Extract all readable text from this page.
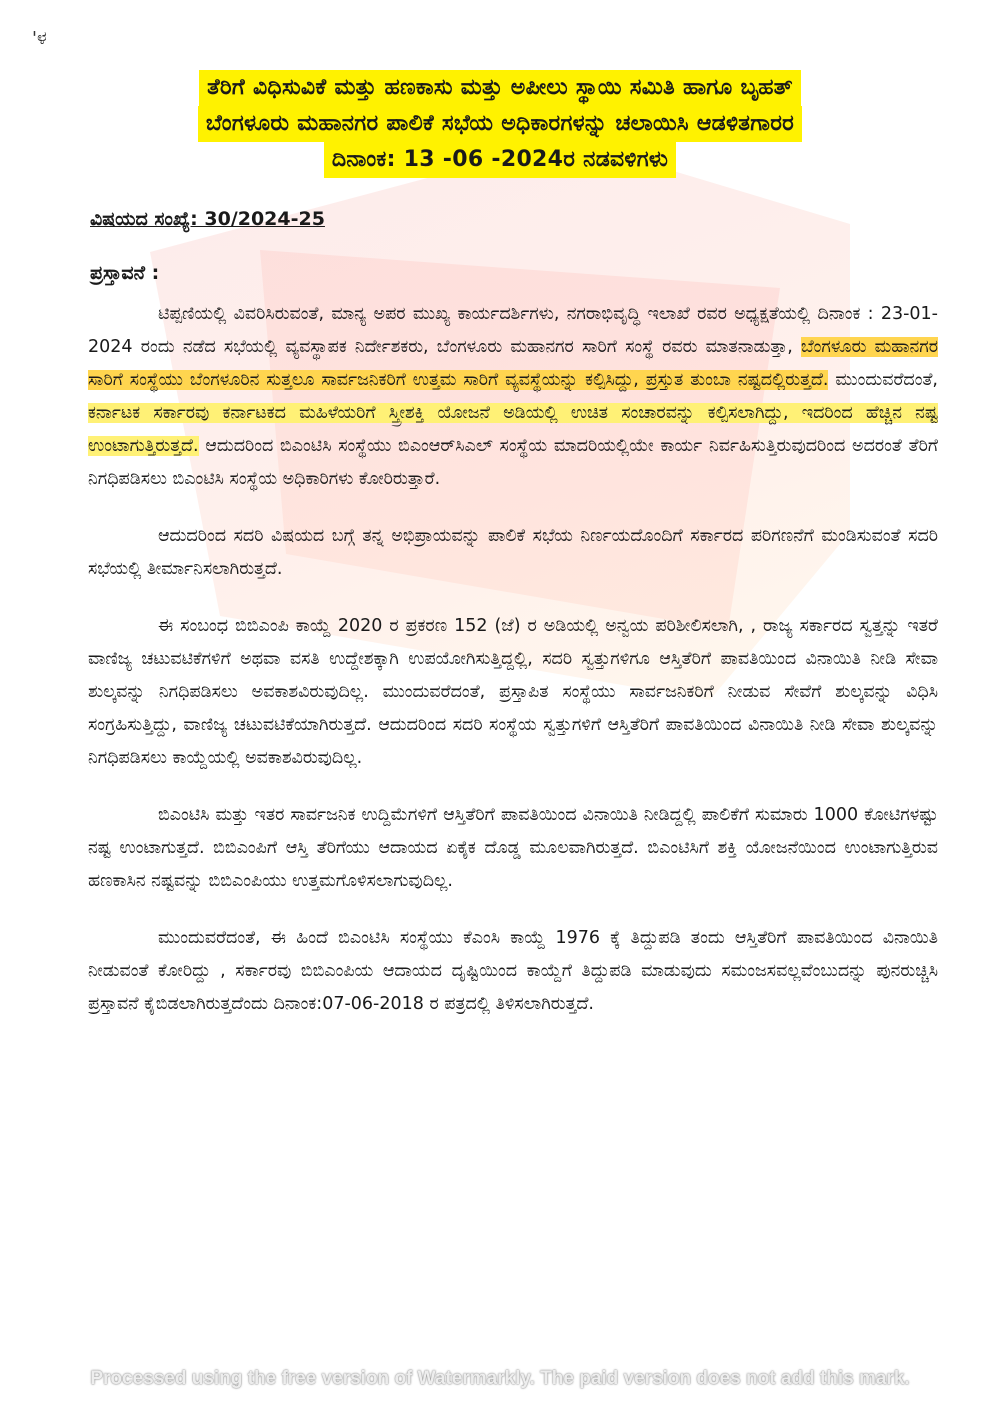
'ಳ
ತೆರಿಗೆ ವಿಧಿಸುವಿಕೆ ಮತ್ತು ಹಣಕಾಸು ಮತ್ತು ಅಪೀಲು ಸ್ಥಾಯಿ ಸಮಿತಿ ಹಾಗೂ ಬೃಹತ್
ಬೆಂಗಳೂರು ಮಹಾನಗರ ಪಾಲಿಕೆ ಸಭೆಯ ಅಧಿಕಾರಗಳನ್ನು ಚಲಾಯಿಸಿ ಆಡಳಿತಗಾರರ
ದಿನಾಂಕ: 13 -06 -2024ರ ನಡವಳಿಗಳು
ವಿಷಯದ ಸಂಖ್ಯೆ: 30/2024-25
ಪ್ರಸ್ತಾವನೆ :

ಟಿಪ್ಪಣಿಯಲ್ಲಿ ವಿವರಿಸಿರುವಂತೆ, ಮಾನ್ಯ ಅಪರ ಮುಖ್ಯ ಕಾರ್ಯದರ್ಶಿಗಳು, ನಗರಾಭಿವೃದ್ಧಿ ಇಲಾಖೆ ರವರ ಅಧ್ಯಕ್ಷತೆಯಲ್ಲಿ ದಿನಾಂಕ : 23-01-2024 ರಂದು ನಡೆದ ಸಭೆಯಲ್ಲಿ ವ್ಯವಸ್ಥಾಪಕ ನಿರ್ದೇಶಕರು, ಬೆಂಗಳೂರು ಮಹಾನಗರ ಸಾರಿಗೆ ಸಂಸ್ಥೆ ರವರು ಮಾತನಾಡುತ್ತಾ, ಬೆಂಗಳೂರು ಮಹಾನಗರ ಸಾರಿಗೆ ಸಂಸ್ಥೆಯು ಬೆಂಗಳೂರಿನ ಸುತ್ತಲೂ ಸಾರ್ವಜನಿಕರಿಗೆ ಉತ್ತಮ ಸಾರಿಗೆ ವ್ಯವಸ್ಥೆಯನ್ನು ಕಲ್ಪಿಸಿದ್ದು, ಪ್ರಸ್ತುತ ತುಂಬಾ ನಷ್ಟದಲ್ಲಿರುತ್ತದೆ. ಮುಂದುವರೆದಂತೆ, ಕರ್ನಾಟಕ ಸರ್ಕಾರವು ಕರ್ನಾಟಕದ ಮಹಿಳೆಯರಿಗೆ ಸ್ತ್ರೀಶಕ್ತಿ ಯೋಜನೆ ಅಡಿಯಲ್ಲಿ ಉಚಿತ ಸಂಚಾರವನ್ನು ಕಲ್ಪಿಸಲಾಗಿದ್ದು, ಇದರಿಂದ ಹೆಚ್ಚಿನ ನಷ್ಟ ಉಂಟಾಗುತ್ತಿರುತ್ತದೆ. ಆದುದರಿಂದ ಬಿಎಂಟಿಸಿ ಸಂಸ್ಥೆಯು ಬಿಎಂಆರ್‌ಸಿಎಲ್ ಸಂಸ್ಥೆಯ ಮಾದರಿಯಲ್ಲಿಯೇ ಕಾರ್ಯ ನಿರ್ವಹಿಸುತ್ತಿರುವುದರಿಂದ ಅದರಂತೆ ತೆರಿಗೆ ನಿಗಧಿಪಡಿಸಲು ಬಿಎಂಟಿಸಿ ಸಂಸ್ಥೆಯ ಅಧಿಕಾರಿಗಳು ಕೋರಿರುತ್ತಾರೆ.

ಆದುದರಿಂದ ಸದರಿ ವಿಷಯದ ಬಗ್ಗೆ ತನ್ನ ಅಭಿಪ್ರಾಯವನ್ನು ಪಾಲಿಕೆ ಸಭೆಯ ನಿರ್ಣಯದೊಂದಿಗೆ ಸರ್ಕಾರದ ಪರಿಗಣನೆಗೆ ಮಂಡಿಸುವಂತೆ ಸದರಿ ಸಭೆಯಲ್ಲಿ ತೀರ್ಮಾನಿಸಲಾಗಿರುತ್ತದೆ.

ಈ ಸಂಬಂಧ ಬಿಬಿಎಂಪಿ ಕಾಯ್ದೆ 2020 ರ ಪ್ರಕರಣ 152 (ಜೆ) ರ ಅಡಿಯಲ್ಲಿ ಅನ್ವಯ ಪರಿಶೀಲಿಸಲಾಗಿ, , ರಾಜ್ಯ ಸರ್ಕಾರದ ಸ್ವತ್ತನ್ನು ಇತರೆ ವಾಣಿಜ್ಯ ಚಟುವಟಿಕೆಗಳಿಗೆ ಅಥವಾ ವಸತಿ ಉದ್ದೇಶಕ್ಕಾಗಿ ಉಪಯೋಗಿಸುತ್ತಿದ್ದಲ್ಲಿ, ಸದರಿ ಸ್ವತ್ತುಗಳಿಗೂ ಆಸ್ತಿತೆರಿಗೆ ಪಾವತಿಯಿಂದ ವಿನಾಯಿತಿ ನೀಡಿ ಸೇವಾ ಶುಲ್ಕವನ್ನು ನಿಗಧಿಪಡಿಸಲು ಅವಕಾಶವಿರುವುದಿಲ್ಲ. ಮುಂದುವರೆದಂತೆ, ಪ್ರಸ್ತಾಪಿತ ಸಂಸ್ಥೆಯು ಸಾರ್ವಜನಿಕರಿಗೆ ನೀಡುವ ಸೇವೆಗೆ ಶುಲ್ಕವನ್ನು ವಿಧಿಸಿ ಸಂಗ್ರಹಿಸುತ್ತಿದ್ದು, ವಾಣಿಜ್ಯ ಚಟುವಟಿಕೆಯಾಗಿರುತ್ತದೆ. ಆದುದರಿಂದ ಸದರಿ ಸಂಸ್ಥೆಯ ಸ್ವತ್ತುಗಳಿಗೆ ಆಸ್ತಿತೆರಿಗೆ ಪಾವತಿಯಿಂದ ವಿನಾಯಿತಿ ನೀಡಿ ಸೇವಾ ಶುಲ್ಕವನ್ನು ನಿಗಧಿಪಡಿಸಲು ಕಾಯ್ದೆಯಲ್ಲಿ ಅವಕಾಶವಿರುವುದಿಲ್ಲ.

ಬಿಎಂಟಿಸಿ ಮತ್ತು ಇತರ ಸಾರ್ವಜನಿಕ ಉದ್ದಿಮೆಗಳಿಗೆ ಆಸ್ತಿತೆರಿಗೆ ಪಾವತಿಯಿಂದ ವಿನಾಯಿತಿ ನೀಡಿದ್ದಲ್ಲಿ ಪಾಲಿಕೆಗೆ ಸುಮಾರು 1000 ಕೋಟಿಗಳಷ್ಟು ನಷ್ಟ ಉಂಟಾಗುತ್ತದೆ. ಬಿಬಿಎಂಪಿಗೆ ಆಸ್ತಿ ತೆರಿಗೆಯು ಆದಾಯದ ಏಕೈಕ ದೊಡ್ಡ ಮೂಲವಾಗಿರುತ್ತದೆ. ಬಿಎಂಟಿಸಿಗೆ ಶಕ್ತಿ ಯೋಜನೆಯಿಂದ ಉಂಟಾಗುತ್ತಿರುವ ಹಣಕಾಸಿನ ನಷ್ಟವನ್ನು ಬಿಬಿಎಂಪಿಯು ಉತ್ತಮಗೊಳಿಸಲಾಗುವುದಿಲ್ಲ.

ಮುಂದುವರೆದಂತೆ, ಈ ಹಿಂದೆ ಬಿಎಂಟಿಸಿ ಸಂಸ್ಥೆಯು ಕೆಎಂಸಿ ಕಾಯ್ದೆ 1976 ಕ್ಕೆ ತಿದ್ದುಪಡಿ ತಂದು ಆಸ್ತಿತೆರಿಗೆ ಪಾವತಿಯಿಂದ ವಿನಾಯಿತಿ ನೀಡುವಂತೆ ಕೋರಿದ್ದು , ಸರ್ಕಾರವು ಬಿಬಿಎಂಪಿಯ ಆದಾಯದ ದೃಷ್ಟಿಯಿಂದ ಕಾಯ್ದೆಗೆ ತಿದ್ದುಪಡಿ ಮಾಡುವುದು ಸಮಂಜಸವಲ್ಲವೆಂಬುದನ್ನು ಪುನರುಚ್ಚಿಸಿ ಪ್ರಸ್ತಾವನೆ ಕೈಬಿಡಲಾಗಿರುತ್ತದೆಂದು ದಿನಾಂಕ:07-06-2018 ರ ಪತ್ರದಲ್ಲಿ ತಿಳಿಸಲಾಗಿರುತ್ತದೆ.

Processed using the free version of Watermarkly. The paid version does not add this mark.
